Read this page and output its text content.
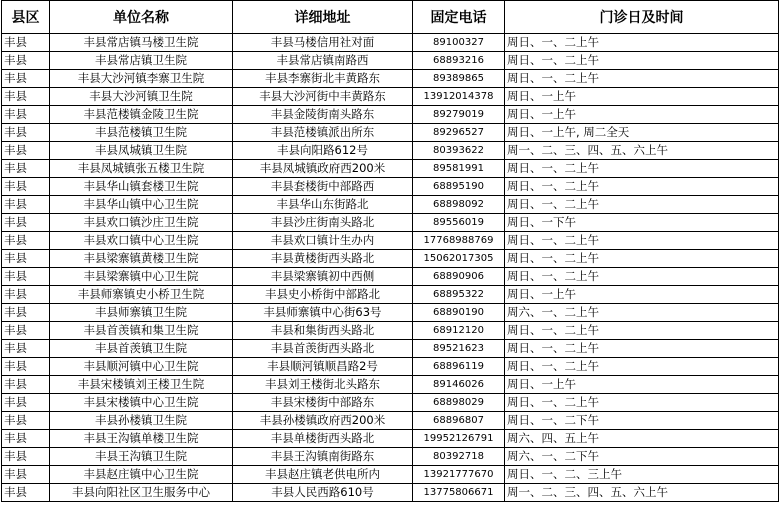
县区	单位名称	详细地址	固定电话	门诊日及时间
丰县	丰县常店镇马楼卫生院	丰县马楼信用社对面	89100327	周日、一、二上午
丰县	丰县常店镇卫生院	丰县常店镇南路西	68893216	周日、一、二上午
丰县	丰县大沙河镇李寨卫生院	丰县李寨街北丰黄路东	89389865	周日、一、二上午
丰县	丰县大沙河镇卫生院	丰县大沙河街中丰黄路东	13912014378	周日、一上午
丰县	丰县范楼镇金陵卫生院	丰县金陵街南头路东	89279019	周日、一上午
丰县	丰县范楼镇卫生院	丰县范楼镇派出所东	89296527	周日、一上午, 周二全天
丰县	丰县凤城镇卫生院	丰县向阳路612号	80393622	周一、二、三、四、五、六上午
丰县	丰县凤城镇张五楼卫生院	丰县凤城镇政府西200米	89581991	周日、一、二上午
丰县	丰县华山镇套楼卫生院	丰县套楼街中部路西	68895190	周日、一、二上午
丰县	丰县华山镇中心卫生院	丰县华山东街路北	68898092	周日、一、二上午
丰县	丰县欢口镇沙庄卫生院	丰县沙庄街南头路北	89556019	周日、一下午
丰县	丰县欢口镇中心卫生院	丰县欢口镇计生办内	17768988769	周日、一、二上午
丰县	丰县梁寨镇黄楼卫生院	丰县黄楼街西头路北	15062017305	周日、一、二上午
丰县	丰县梁寨镇中心卫生院	丰县梁寨镇初中西侧	68890906	周日、一、二上午
丰县	丰县师寨镇史小桥卫生院	丰县史小桥街中部路北	68895322	周日、一上午
丰县	丰县师寨镇卫生院	丰县师寨镇中心街63号	68890190	周六、一、二上午
丰县	丰县首羡镇和集卫生院	丰县和集街西头路北	68912120	周日、一、二上午
丰县	丰县首羡镇卫生院	丰县首羡街西头路北	89521623	周日、一、二上午
丰县	丰县顺河镇中心卫生院	丰县顺河镇顺昌路2号	68896119	周日、一、二上午
丰县	丰县宋楼镇刘王楼卫生院	丰县刘王楼街北头路东	89146026	周日、一上午
丰县	丰县宋楼镇中心卫生院	丰县宋楼街中部路东	68898029	周日、一、二上午
丰县	丰县孙楼镇卫生院	丰县孙楼镇政府西200米	68896807	周日、一、二下午
丰县	丰县王沟镇单楼卫生院	丰县单楼街西头路北	19952126791	周六、四、五上午
丰县	丰县王沟镇卫生院	丰县王沟镇南街路东	80392718	周六、一、二下午
丰县	丰县赵庄镇中心卫生院	丰县赵庄镇老供电所内	13921777670	周日、一、二、三上午
丰县	丰县向阳社区卫生服务中心	丰县人民西路610号	13775806671	周一、二、三、四、五、六上午
